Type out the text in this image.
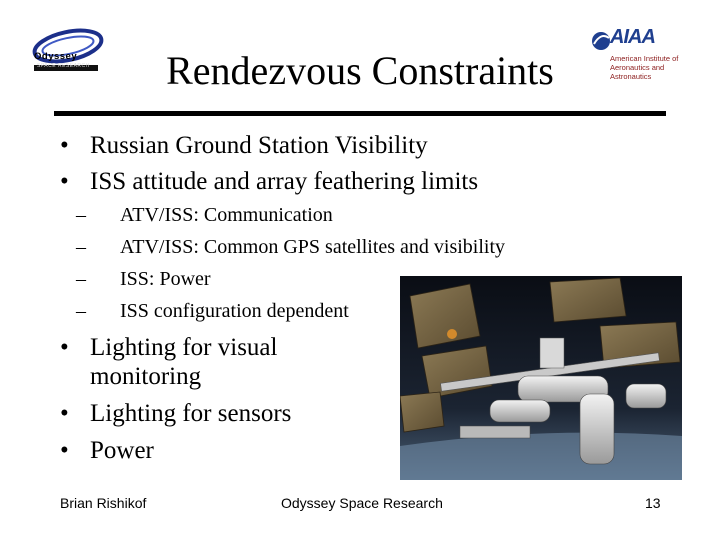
Odyssey
SPACE RESEARCH
AIAA
American Institute of Aeronautics and Astronautics
Rendezvous Constraints
• Russian Ground Station Visibility
• ISS attitude and array feathering limits
– ATV/ISS: Communication
– ATV/ISS: Common GPS satellites and visibility
– ISS: Power
– ISS configuration dependent
• Lighting for visual
monitoring
• Lighting for sensors
• Power
Brian Rishikof	Odyssey Space Research	13
